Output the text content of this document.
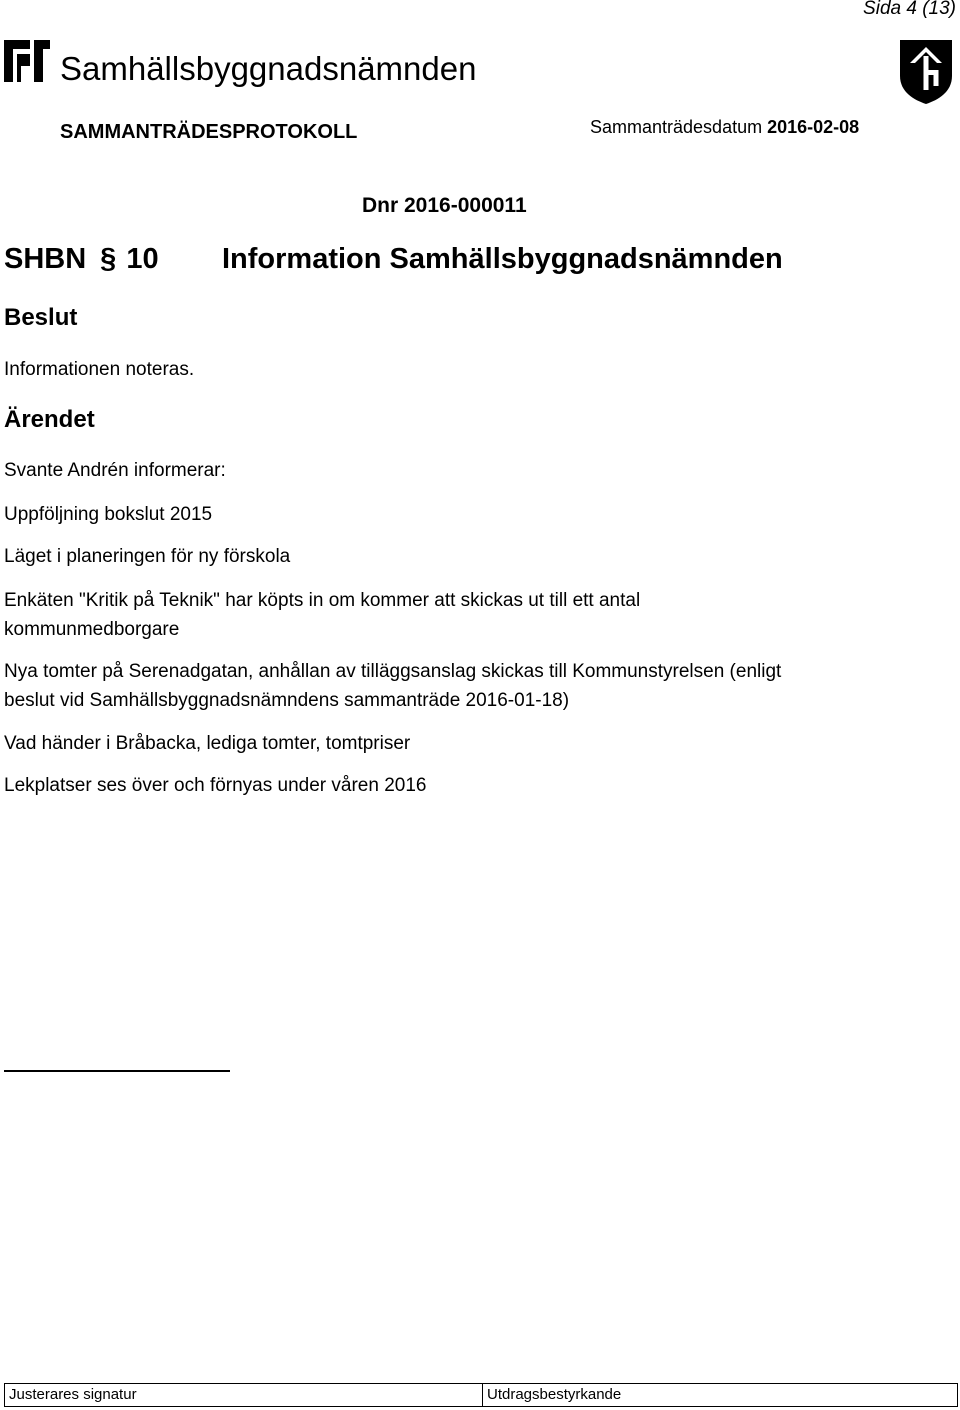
Sida 4 (13)
Samhällsbyggnadsnämnden
SAMMANTRÄDESPROTOKOLL	Sammanträdesdatum 2016-02-08
Dnr 2016-000011
SHBN § 10 Information Samhällsbyggnadsnämnden
Beslut
Informationen noteras.
Ärendet
Svante Andrén informerar:
Uppföljning bokslut 2015
Läget i planeringen för ny förskola
Enkäten "Kritik på Teknik" har köpts in om kommer att skickas ut till ett antal kommunmedborgare
Nya tomter på Serenadgatan, anhållan av tilläggsanslag skickas till Kommunstyrelsen (enligt beslut vid Samhällsbyggnadsnämndens sammanträde 2016-01-18)
Vad händer i Bråbacka, lediga tomter, tomtpriser
Lekplatser ses över och förnyas under våren 2016
Justerares signatur	Utdragsbestyrkande
